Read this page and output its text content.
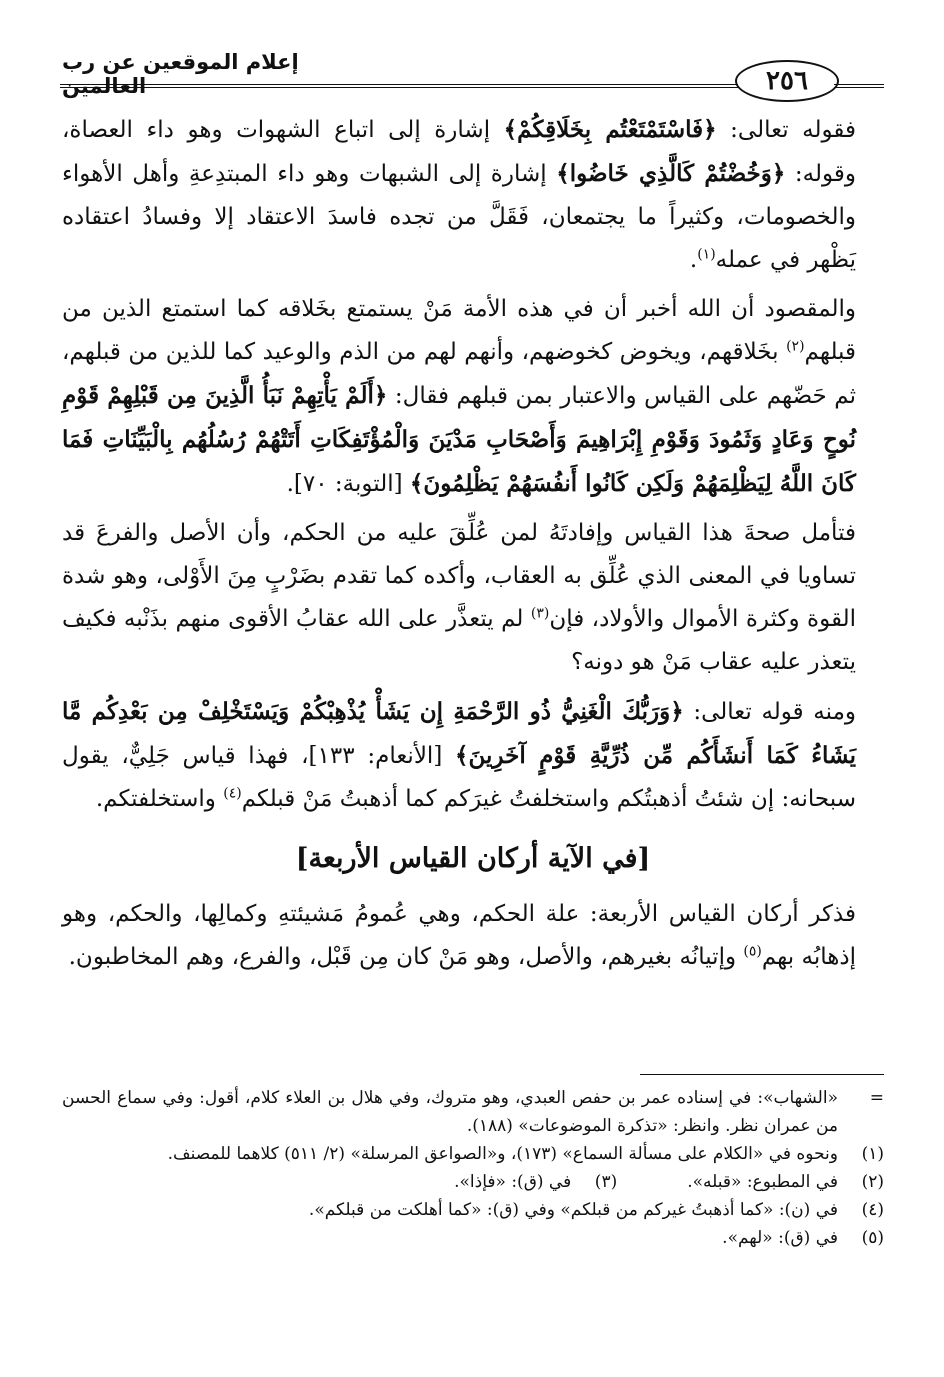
إعلام الموقعين عن رب العالمين	٢٥٦

فقوله تعالى: ﴿فَاسْتَمْتَعْتُم بِخَلَاقِكُمْ﴾ إشارة إلى اتباع الشهوات وهو داء العصاة، وقوله: ﴿وَخُضْتُمْ كَالَّذِي خَاضُوا﴾ إشارة إلى الشبهات وهو داء المبتدِعةِ وأهل الأهواء والخصومات، وكثيراً ما يجتمعان، فَقَلَّ من تجده فاسدَ الاعتقاد إلا وفسادُ اعتقاده يَظْهر في عمله$^{(١)}$.

والمقصود أن الله أخبر أن في هذه الأمة مَنْ يستمتع بخَلاقه كما استمتع الذين من قبلهم$^{(٢)}$ بخَلاقهم، ويخوض كخوضهم، وأنهم لهم من الذم والوعيد كما للذين من قبلهم، ثم حَضّهم على القياس والاعتبار بمن قبلهم فقال: ﴿أَلَمْ يَأْتِهِمْ نَبَأُ الَّذِينَ مِن قَبْلِهِمْ قَوْمِ نُوحٍ وَعَادٍ وَثَمُودَ وَقَوْمِ إِبْرَاهِيمَ وَأَصْحَابِ مَدْيَنَ وَالْمُؤْتَفِكَاتِ أَتَتْهُمْ رُسُلُهُم بِالْبَيِّنَاتِ فَمَا كَانَ اللَّهُ لِيَظْلِمَهُمْ وَلَكِن كَانُوا أَنفُسَهُمْ يَظْلِمُونَ﴾ [التوبة: ٧٠].

فتأمل صحةَ هذا القياس وإفادتَهُ لمن عُلِّقَ عليه من الحكم، وأن الأصل والفرعَ قد تساويا في المعنى الذي عُلِّق به العقاب، وأكده كما تقدم بضَرْبٍ مِنَ الأَوْلى، وهو شدة القوة وكثرة الأموال والأولاد، فإن$^{(٣)}$ لم يتعذَّر على الله عقابُ الأقوى منهم بذَنْبه فكيف يتعذر عليه عقاب مَنْ هو دونه؟

ومنه قوله تعالى: ﴿وَرَبُّكَ الْغَنِيُّ ذُو الرَّحْمَةِ إِن يَشَأْ يُذْهِبْكُمْ وَيَسْتَخْلِفْ مِن بَعْدِكُم مَّا يَشَاءُ كَمَا أَنشَأَكُم مِّن ذُرِّيَّةِ قَوْمٍ آخَرِينَ﴾ [الأنعام: ١٣٣]، فهذا قياس جَلِيٌّ، يقول سبحانه: إن شئتُ أذهبتُكم واستخلفتُ غيرَكم كما أذهبتُ مَنْ قبلكم$^{(٤)}$ واستخلفتكم.

[في الآية أركان القياس الأربعة]

فذكر أركان القياس الأربعة: علة الحكم، وهي عُمومُ مَشيئتهِ وكمالِها، والحكم، وهو إذهابُه بهم$^{(٥)}$ وإتيانُه بغيرهم، والأصل، وهو مَنْ كان مِن قَبْل، والفرع، وهم المخاطبون.

=
«الشهاب»: في إسناده عمر بن حفص العبدي، وهو متروك، وفي هلال بن العلاء كلام، أقول: وفي سماع الحسن من عمران نظر. وانظر: «تذكرة الموضوعات» (١٨٨).
(١)
ونحوه في «الكلام على مسألة السماع» (١٧٣)، و«الصواعق المرسلة» (٢/ ٥١١) كلاهما للمصنف.
(٢)
في المطبوع: «قبله».
(٣)
في (ق): «فإذا».
(٤)
في (ن): «كما أذهبتُ غيركم من قبلكم» وفي (ق): «كما أهلكت من قبلكم».
(٥)
في (ق): «لهم».
